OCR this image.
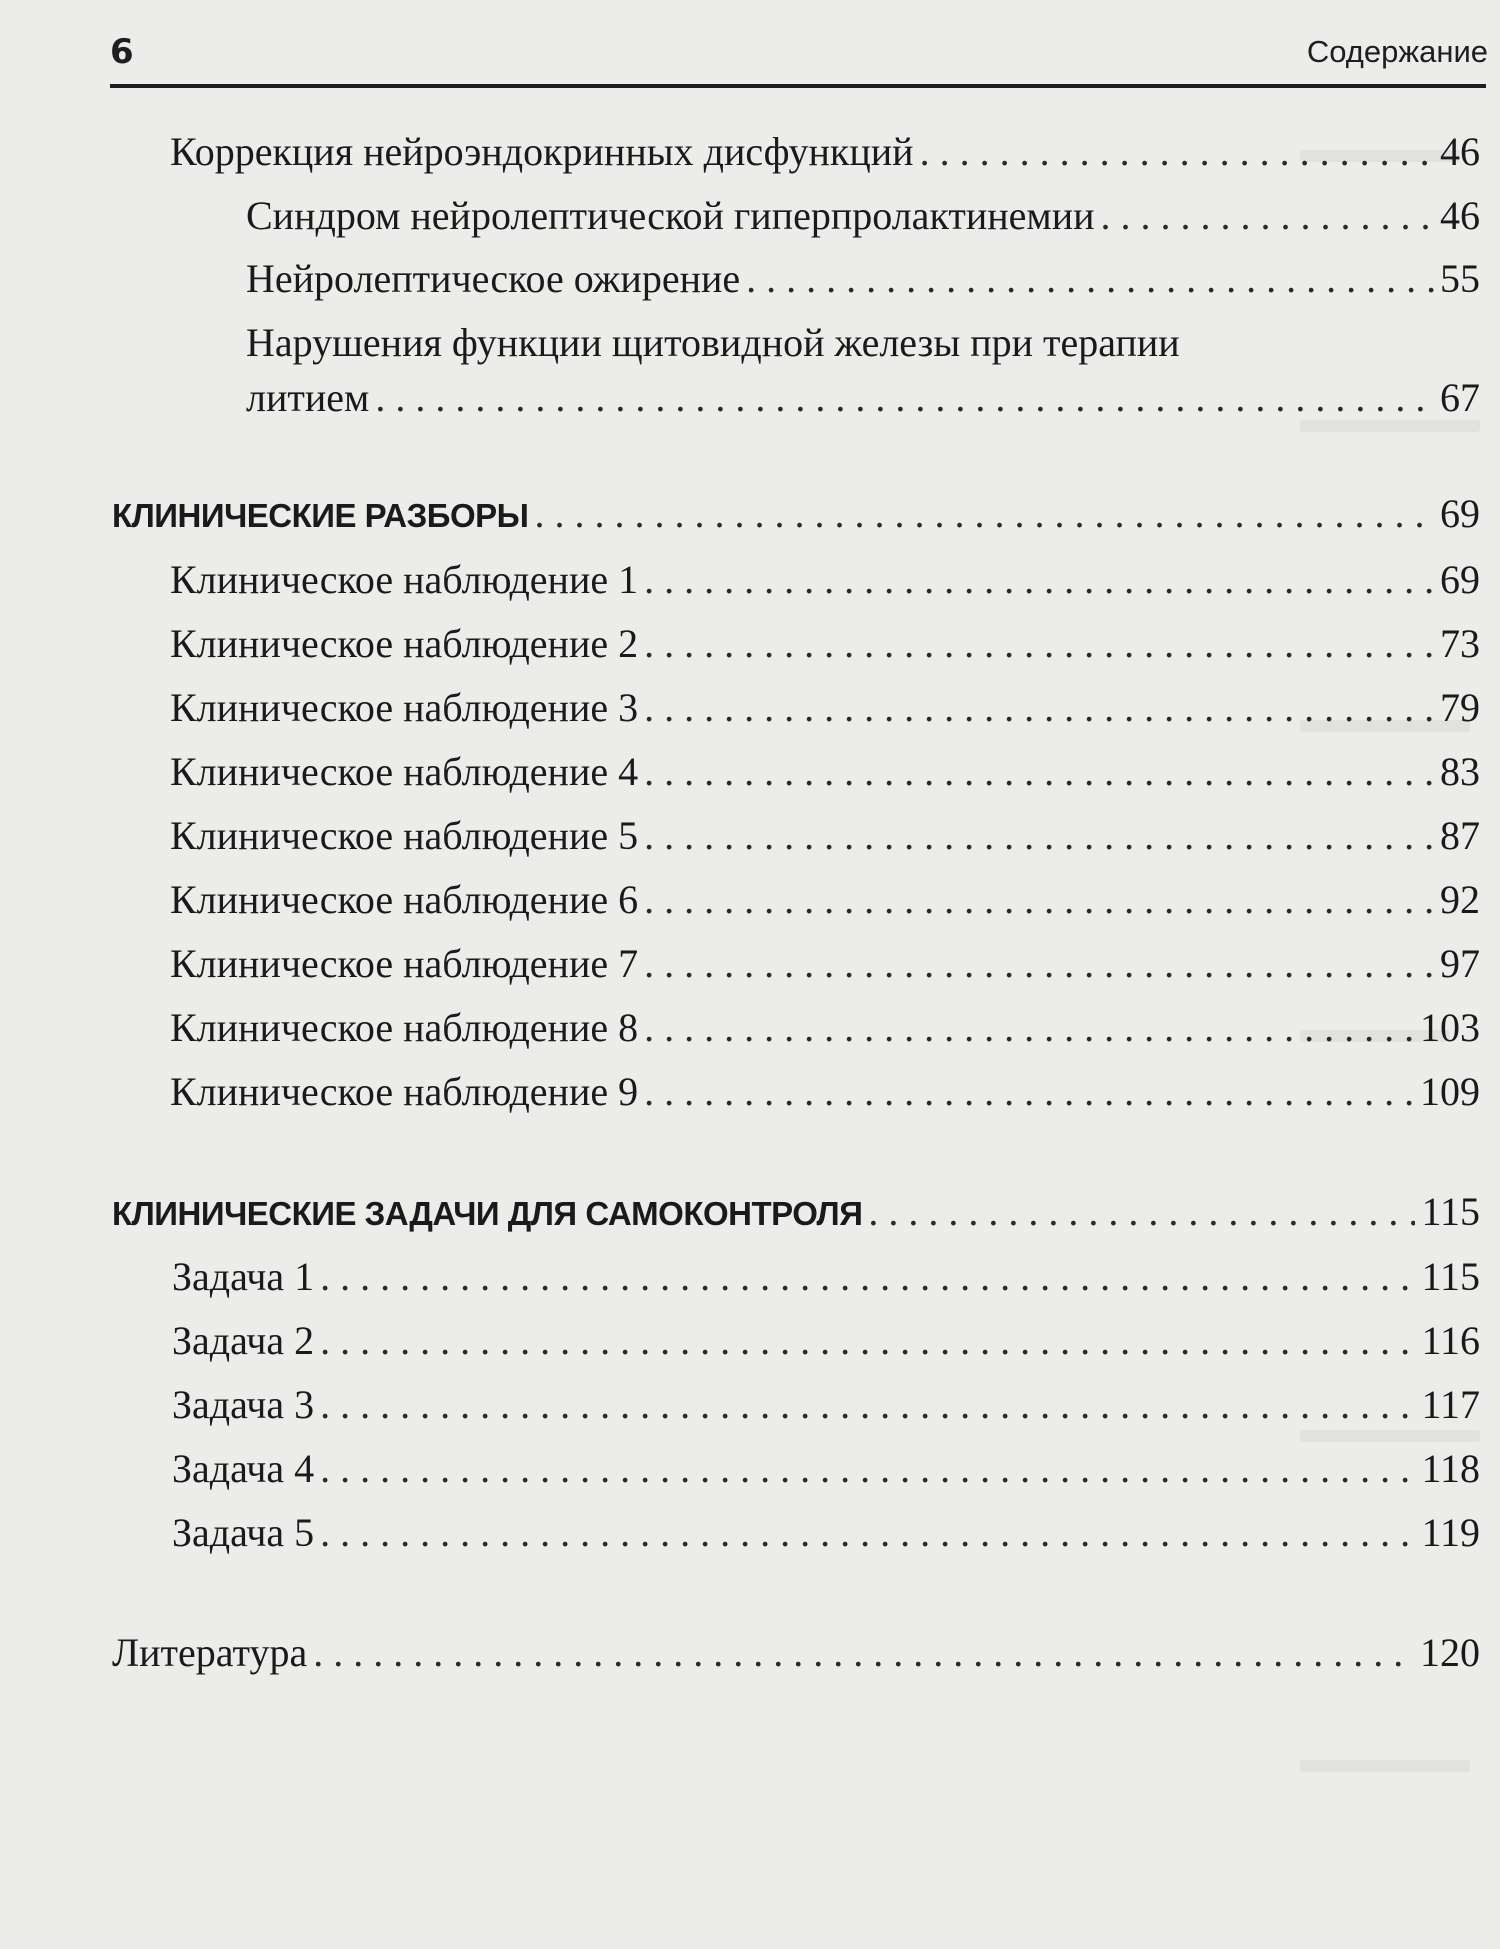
6	Содержание
Коррекция нейроэндокринных дисфункций . . .	46
Синдром нейролептической гиперпролактинемии . . .	46
Нейролептическое ожирение . . .	55
Нарушения функции щитовидной железы при терапии
литием . . .	67
КЛИНИЧЕСКИЕ РАЗБОРЫ . . .	69
Клиническое наблюдение 1 . . .	69
Клиническое наблюдение 2 . . .	73
Клиническое наблюдение 3 . . .	79
Клиническое наблюдение 4 . . .	83
Клиническое наблюдение 5 . . .	87
Клиническое наблюдение 6 . . .	92
Клиническое наблюдение 7 . . .	97
Клиническое наблюдение 8 . . .	103
Клиническое наблюдение 9 . . .	109
КЛИНИЧЕСКИЕ ЗАДАЧИ ДЛЯ САМОКОНТРОЛЯ . . .	115
Задача 1 . . .	115
Задача 2 . . .	116
Задача 3 . . .	117
Задача 4 . . .	118
Задача 5 . . .	119
Литература . . .	120
